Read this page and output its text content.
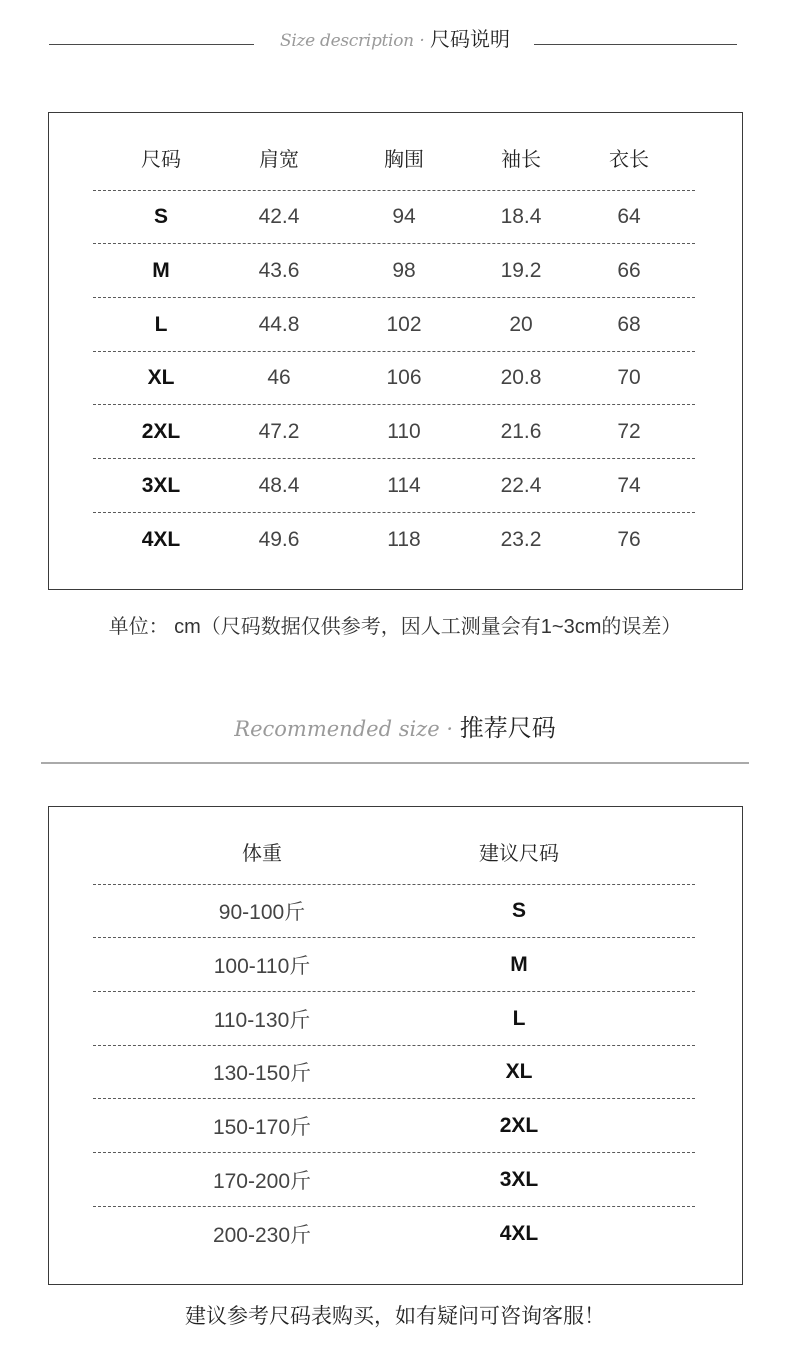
Size description · 尺码说明
尺码	肩宽	胸围	袖长	衣长
S	42.4	94	18.4	64
M	43.6	98	19.2	66
L	44.8	102	20	68
XL	46	106	20.8	70
2XL	47.2	110	21.6	72
3XL	48.4	114	22.4	74
4XL	49.6	118	23.2	76
单位： cm（尺码数据仅供参考，因人工测量会有1~3cm的误差）
Recommended size · 推荐尺码
体重	建议尺码
90-100斤	S
100-110斤	M
110-130斤	L
130-150斤	XL
150-170斤	2XL
170-200斤	3XL
200-230斤	4XL
建议参考尺码表购买，如有疑问可咨询客服！
